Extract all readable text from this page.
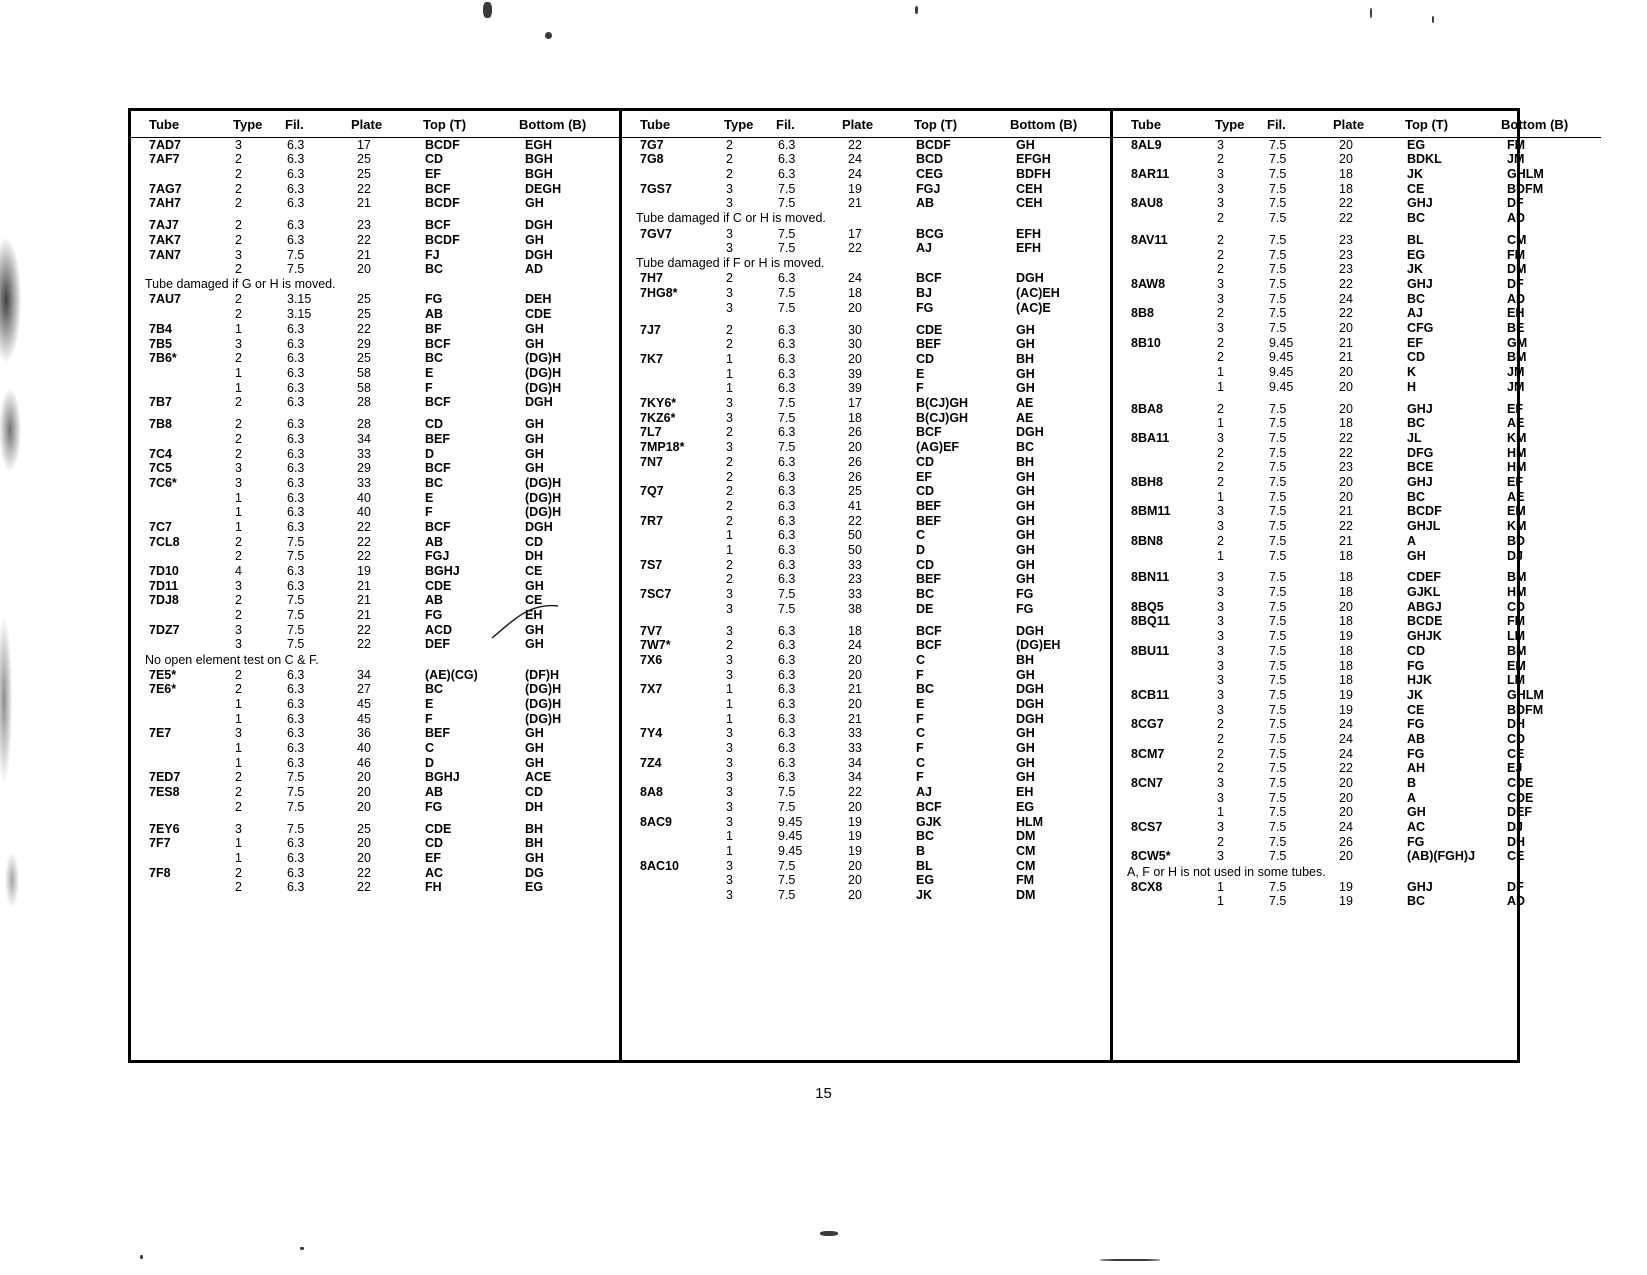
Tube	Type	Fil.	Plate	Top (T)	Bottom (B)
7AD7	3	6.3	17	BCDF	EGH
7AF7	2	6.3	25	CD	BGH
	2	6.3	25	EF	BGH
7AG7	2	6.3	22	BCF	DEGH
7AH7	2	6.3	21	BCDF	GH

7AJ7	2	6.3	23	BCF	DGH
7AK7	2	6.3	22	BCDF	GH
7AN7	3	7.5	21	FJ	DGH
	2	7.5	20	BC	AD
Tube damaged if G or H is moved.					
7AU7	2	3.15	25	FG	DEH
	2	3.15	25	AB	CDE
7B4	1	6.3	22	BF	GH
7B5	3	6.3	29	BCF	GH
7B6*	2	6.3	25	BC	(DG)H
	1	6.3	58	E	(DG)H
	1	6.3	58	F	(DG)H
7B7	2	6.3	28	BCF	DGH

7B8	2	6.3	28	CD	GH
	2	6.3	34	BEF	GH
7C4	2	6.3	33	D	GH
7C5	3	6.3	29	BCF	GH
7C6*	3	6.3	33	BC	(DG)H
	1	6.3	40	E	(DG)H
	1	6.3	40	F	(DG)H
7C7	1	6.3	22	BCF	DGH
7CL8	2	7.5	22	AB	CD
	2	7.5	22	FGJ	DH
7D10	4	6.3	19	BGHJ	CE
7D11	3	6.3	21	CDE	GH
7DJ8	2	7.5	21	AB	CE
	2	7.5	21	FG	EH
7DZ7	3	7.5	22	ACD	GH
	3	7.5	22	DEF	GH
No open element test on C & F.					
7E5*	2	6.3	34	(AE)(CG)	(DF)H
7E6*	2	6.3	27	BC	(DG)H
	1	6.3	45	E	(DG)H
	1	6.3	45	F	(DG)H
7E7	3	6.3	36	BEF	GH
	1	6.3	40	C	GH
	1	6.3	46	D	GH
7ED7	2	7.5	20	BGHJ	ACE
7ES8	2	7.5	20	AB	CD
	2	7.5	20	FG	DH

7EY6	3	7.5	25	CDE	BH
7F7	1	6.3	20	CD	BH
	1	6.3	20	EF	GH
7F8	2	6.3	22	AC	DG
	2	6.3	22	FH	EG
Tube	Type	Fil.	Plate	Top (T)	Bottom (B)
7G7	2	6.3	22	BCDF	GH
7G8	2	6.3	24	BCD	EFGH
	2	6.3	24	CEG	BDFH
7GS7	3	7.5	19	FGJ	CEH
	3	7.5	21	AB	CEH
Tube damaged if C or H is moved.					
7GV7	3	7.5	17	BCG	EFH
	3	7.5	22	AJ	EFH
Tube damaged if F or H is moved.					
7H7	2	6.3	24	BCF	DGH
7HG8*	3	7.5	18	BJ	(AC)EH
	3	7.5	20	FG	(AC)E

7J7	2	6.3	30	CDE	GH
	2	6.3	30	BEF	GH
7K7	1	6.3	20	CD	BH
	1	6.3	39	E	GH
	1	6.3	39	F	GH
7KY6*	3	7.5	17	B(CJ)GH	AE
7KZ6*	3	7.5	18	B(CJ)GH	AE
7L7	2	6.3	26	BCF	DGH
7MP18*	3	7.5	20	(AG)EF	BC
7N7	2	6.3	26	CD	BH
	2	6.3	26	EF	GH
7Q7	2	6.3	25	CD	GH
	2	6.3	41	BEF	GH
7R7	2	6.3	22	BEF	GH
	1	6.3	50	C	GH
	1	6.3	50	D	GH
7S7	2	6.3	33	CD	GH
	2	6.3	23	BEF	GH
7SC7	3	7.5	33	BC	FG
	3	7.5	38	DE	FG

7V7	3	6.3	18	BCF	DGH
7W7*	2	6.3	24	BCF	(DG)EH
7X6	3	6.3	20	C	BH
	3	6.3	20	F	GH
7X7	1	6.3	21	BC	DGH
	1	6.3	20	E	DGH
	1	6.3	21	F	DGH
7Y4	3	6.3	33	C	GH
	3	6.3	33	F	GH
7Z4	3	6.3	34	C	GH
	3	6.3	34	F	GH
8A8	3	7.5	22	AJ	EH
	3	7.5	20	BCF	EG
8AC9	3	9.45	19	GJK	HLM
	1	9.45	19	BC	DM
	1	9.45	19	B	CM
8AC10	3	7.5	20	BL	CM
	3	7.5	20	EG	FM
	3	7.5	20	JK	DM
Tube	Type	Fil.	Plate	Top (T)	Bottom (B)
8AL9	3	7.5	20	EG	FM
	2	7.5	20	BDKL	JM
8AR11	3	7.5	18	JK	GHLM
	3	7.5	18	CE	BDFM
8AU8	3	7.5	22	GHJ	DF
	2	7.5	22	BC	AD

8AV11	2	7.5	23	BL	CM
	2	7.5	23	EG	FM
	2	7.5	23	JK	DM
8AW8	3	7.5	22	GHJ	DF
	3	7.5	24	BC	AD
8B8	2	7.5	22	AJ	EH
	3	7.5	20	CFG	BE
8B10	2	9.45	21	EF	GM
	2	9.45	21	CD	BM
	1	9.45	20	K	JM
	1	9.45	20	H	JM

8BA8	2	7.5	20	GHJ	EF
	1	7.5	18	BC	AE
8BA11	3	7.5	22	JL	KM
	2	7.5	22	DFG	HM
	2	7.5	23	BCE	HM
8BH8	2	7.5	20	GHJ	EF
	1	7.5	20	BC	AE
8BM11	3	7.5	21	BCDF	EM
	3	7.5	22	GHJL	KM
8BN8	2	7.5	21	A	BD
	1	7.5	18	GH	DJ

8BN11	3	7.5	18	CDEF	BM
	3	7.5	18	GJKL	HM
8BQ5	3	7.5	20	ABGJ	CD
8BQ11	3	7.5	18	BCDE	FM
	3	7.5	19	GHJK	LM
8BU11	3	7.5	18	CD	BM
	3	7.5	18	FG	EM
	3	7.5	18	HJK	LM
8CB11	3	7.5	19	JK	GHLM
	3	7.5	19	CE	BDFM
8CG7	2	7.5	24	FG	DH
	2	7.5	24	AB	CD
8CM7	2	7.5	24	FG	CE
	2	7.5	22	AH	EJ
8CN7	3	7.5	20	B	CDE
	3	7.5	20	A	CDE
	1	7.5	20	GH	DEF
8CS7	3	7.5	24	AC	DJ
	2	7.5	26	FG	DH
8CW5*	3	7.5	20	(AB)(FGH)J	CE
A, F or H is not used in some tubes.					
8CX8	1	7.5	19	GHJ	DF
	1	7.5	19	BC	AD
15
